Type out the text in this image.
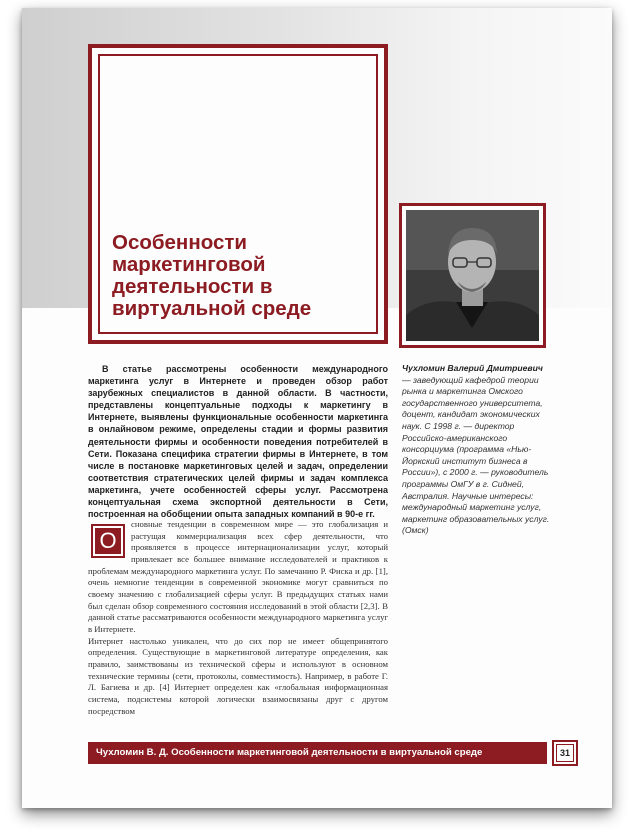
Особенности маркетинговой деятельности в виртуальной среде

В статье рассмотрены особенности международного маркетинга услуг в Интернете и проведен обзор работ зарубежных специалистов в данной области. В частности, представлены концептуальные подходы к маркетингу в Интернете, выявлены функциональные особенности маркетинга в онлайновом режиме, определены стадии и формы развития деятельности фирмы и особенности поведения потребителей в Сети. Показана специфика стратегии фирмы в Интернете, в том числе в постановке маркетинговых целей и задач, определении соответствия стратегических целей фирмы и задач комплекса маркетинга, учете особенностей сферы услуг. Рассмотрена концептуальная схема экспортной деятельности в Сети, построенная на обобщении опыта западных компаний в 90-е гг.

Чухломин Валерий Дмитриевич
— заведующий кафедрой теории рынка и маркетинга Омского государственного университета, доцент, кандидат экономических наук. С 1998 г. — директор Российско-американского консорциума (программа «Нью-Йоркский институт бизнеса в России»), с 2000 г. — руководитель программы ОмГУ в г. Сидней, Австралия. Научные интересы: международный маркетинг услуг, маркетинг образовательных услуг. (Омск)
О
сновные тенденции в современном мире — это глобализация и растущая коммерциализация всех сфер деятельности, что проявляется в процессе интернационализации услуг, который привлекает все большее внимание исследователей и практиков к проблемам международного маркетинга услуг. По замечанию Р. Фиска и др. [1], очень немногие тенденции в современной экономике могут сравниться по своему значению с глобализацией сферы услуг. В предыдущих статьях нами был сделан обзор современного состояния исследований в этой области [2,3]. В данной статье рассматриваются особенности международного маркетинга услуг в Интернете.
Интернет настолько уникален, что до сих пор не имеет общепринятого определения. Существующие в маркетинговой литературе определения, как правило, заимствованы из технической сферы и используют в основном технические термины (сети, протоколы, совместимость). Например, в работе Г. Л. Багиева и др. [4] Интернет определен как «глобальная информационная система, подсистемы которой логически взаимосвязаны друг с другом посредством
Чухломин В. Д. Особенности маркетинговой деятельности в виртуальной среде	31
